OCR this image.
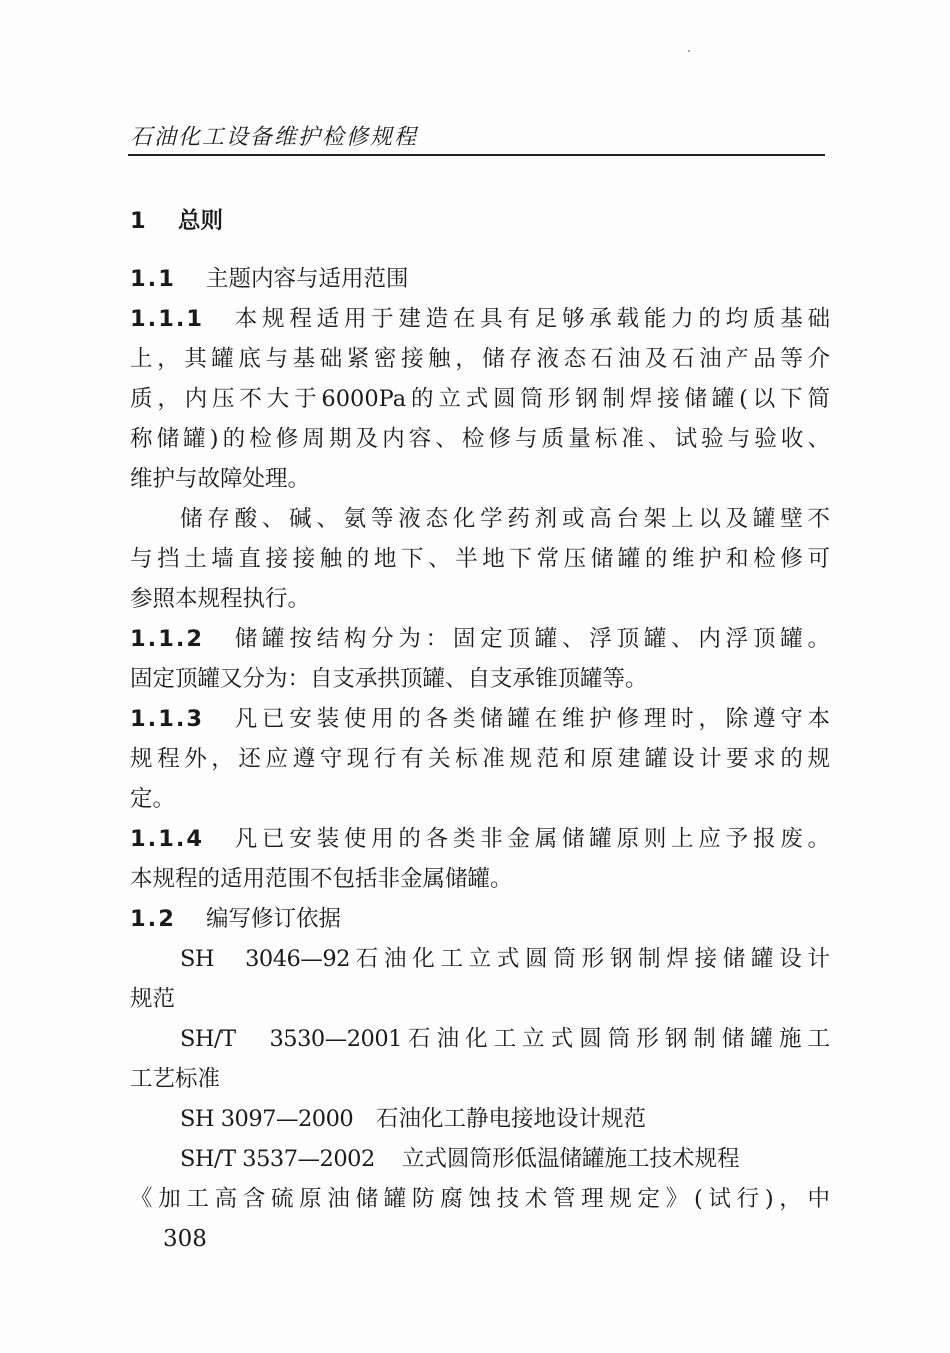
石油化工设备维护检修规程
1 总则
1.1 主题内容与适用范围
1.1.1 本规程适用于建造在具有足够承载能力的均质基础
上，其罐底与基础紧密接触，储存液态石油及石油产品等介
质，内压不大于6000Pa的立式圆筒形钢制焊接储罐(以下简
称储罐)的检修周期及内容、检修与质量标准、试验与验收、
维护与故障处理。
储存酸、碱、氨等液态化学药剂或高台架上以及罐壁不
与挡土墙直接接触的地下、半地下常压储罐的维护和检修可
参照本规程执行。
1.1.2 储罐按结构分为：固定顶罐、浮顶罐、内浮顶罐。
固定顶罐又分为：自支承拱顶罐、自支承锥顶罐等。
1.1.3 凡已安装使用的各类储罐在维护修理时，除遵守本
规程外，还应遵守现行有关标准规范和原建罐设计要求的规
定。
1.1.4 凡已安装使用的各类非金属储罐原则上应予报废。
本规程的适用范围不包括非金属储罐。
1.2 编写修订依据
SH 3046—92石油化工立式圆筒形钢制焊接储罐设计
规范
SH/T 3530—2001石油化工立式圆筒形钢制储罐施工
工艺标准
SH 3097—2000 石油化工静电接地设计规范
SH/T 3537—2002 立式圆筒形低温储罐施工技术规程
《加工高含硫原油储罐防腐蚀技术管理规定》(试行)，中
308
